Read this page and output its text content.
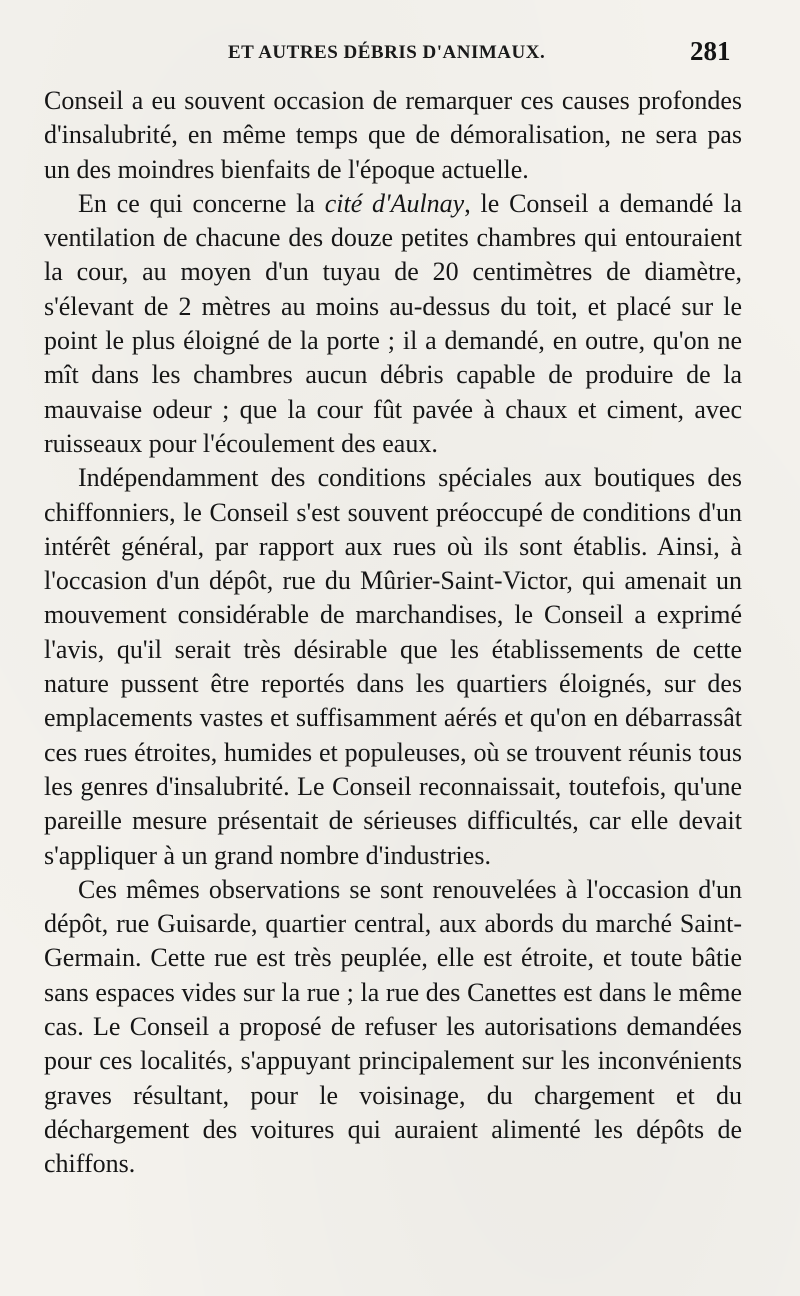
ET AUTRES DÉBRIS D'ANIMAUX.	281

Conseil a eu souvent occasion de remarquer ces causes profondes d'insalubrité, en même temps que de démoralisation, ne sera pas un des moindres bienfaits de l'époque actuelle.

En ce qui concerne la cité d'Aulnay, le Conseil a demandé la ventilation de chacune des douze petites chambres qui entouraient la cour, au moyen d'un tuyau de 20 centimètres de diamètre, s'élevant de 2 mètres au moins au-dessus du toit, et placé sur le point le plus éloigné de la porte ; il a demandé, en outre, qu'on ne mît dans les chambres aucun débris capable de produire de la mauvaise odeur ; que la cour fût pavée à chaux et ciment, avec ruisseaux pour l'écoulement des eaux.

Indépendamment des conditions spéciales aux boutiques des chiffonniers, le Conseil s'est souvent préoccupé de conditions d'un intérêt général, par rapport aux rues où ils sont établis. Ainsi, à l'occasion d'un dépôt, rue du Mûrier-Saint-Victor, qui amenait un mouvement considérable de marchandises, le Conseil a exprimé l'avis, qu'il serait très désirable que les établissements de cette nature pussent être reportés dans les quartiers éloignés, sur des emplacements vastes et suffisamment aérés et qu'on en débarrassât ces rues étroites, humides et populeuses, où se trouvent réunis tous les genres d'insalubrité. Le Conseil reconnaissait, toutefois, qu'une pareille mesure présentait de sérieuses difficultés, car elle devait s'appliquer à un grand nombre d'industries.

Ces mêmes observations se sont renouvelées à l'occasion d'un dépôt, rue Guisarde, quartier central, aux abords du marché Saint-Germain. Cette rue est très peuplée, elle est étroite, et toute bâtie sans espaces vides sur la rue ; la rue des Canettes est dans le même cas. Le Conseil a proposé de refuser les autorisations demandées pour ces localités, s'appuyant principalement sur les inconvénients graves résultant, pour le voisinage, du chargement et du déchargement des voitures qui auraient alimenté les dépôts de chiffons.
